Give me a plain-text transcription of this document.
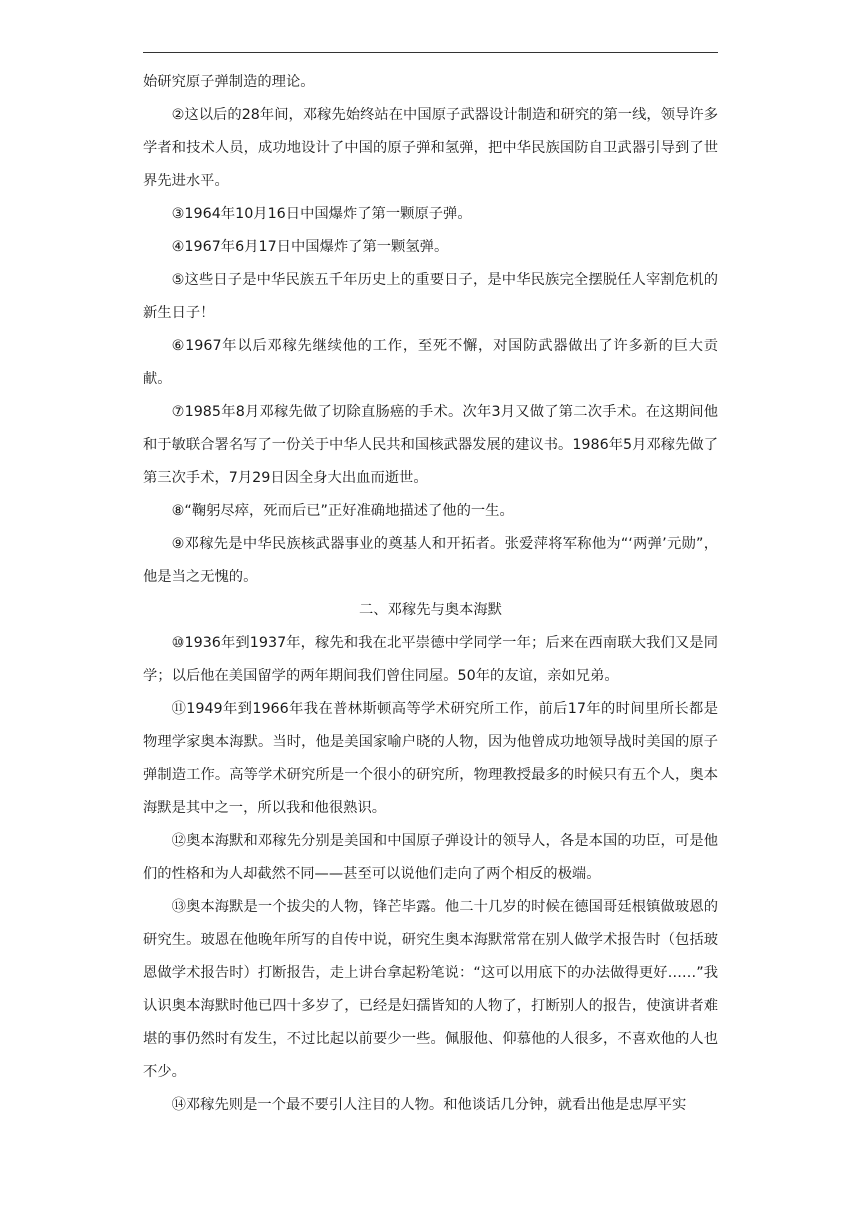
始研究原子弹制造的理论。

②这以后的28年间，邓稼先始终站在中国原子武器设计制造和研究的第一线，领导许多学者和技术人员，成功地设计了中国的原子弹和氢弹，把中华民族国防自卫武器引导到了世界先进水平。

③1964年10月16日中国爆炸了第一颗原子弹。

④1967年6月17日中国爆炸了第一颗氢弹。

⑤这些日子是中华民族五千年历史上的重要日子，是中华民族完全摆脱任人宰割危机的新生日子！

⑥1967年以后邓稼先继续他的工作，至死不懈，对国防武器做出了许多新的巨大贡献。

⑦1985年8月邓稼先做了切除直肠癌的手术。次年3月又做了第二次手术。在这期间他和于敏联合署名写了一份关于中华人民共和国核武器发展的建议书。1986年5月邓稼先做了第三次手术，7月29日因全身大出血而逝世。

⑧“鞠躬尽瘁，死而后已”正好准确地描述了他的一生。

⑨邓稼先是中华民族核武器事业的奠基人和开拓者。张爱萍将军称他为“‘两弹’元勋”，他是当之无愧的。

二、邓稼先与奥本海默

⑩1936年到1937年，稼先和我在北平崇德中学同学一年；后来在西南联大我们又是同学；以后他在美国留学的两年期间我们曾住同屋。50年的友谊，亲如兄弟。

⑪1949年到1966年我在普林斯顿高等学术研究所工作，前后17年的时间里所长都是物理学家奥本海默。当时，他是美国家喻户晓的人物，因为他曾成功地领导战时美国的原子弹制造工作。高等学术研究所是一个很小的研究所，物理教授最多的时候只有五个人，奥本海默是其中之一，所以我和他很熟识。

⑫奥本海默和邓稼先分别是美国和中国原子弹设计的领导人，各是本国的功臣，可是他们的性格和为人却截然不同——甚至可以说他们走向了两个相反的极端。

⑬奥本海默是一个拔尖的人物，锋芒毕露。他二十几岁的时候在德国哥廷根镇做玻恩的研究生。玻恩在他晚年所写的自传中说，研究生奥本海默常常在别人做学术报告时（包括玻恩做学术报告时）打断报告，走上讲台拿起粉笔说：“这可以用底下的办法做得更好……”我认识奥本海默时他已四十多岁了，已经是妇孺皆知的人物了，打断别人的报告，使演讲者难堪的事仍然时有发生，不过比起以前要少一些。佩服他、仰慕他的人很多，不喜欢他的人也不少。

⑭邓稼先则是一个最不要引人注目的人物。和他谈话几分钟，就看出他是忠厚平实
